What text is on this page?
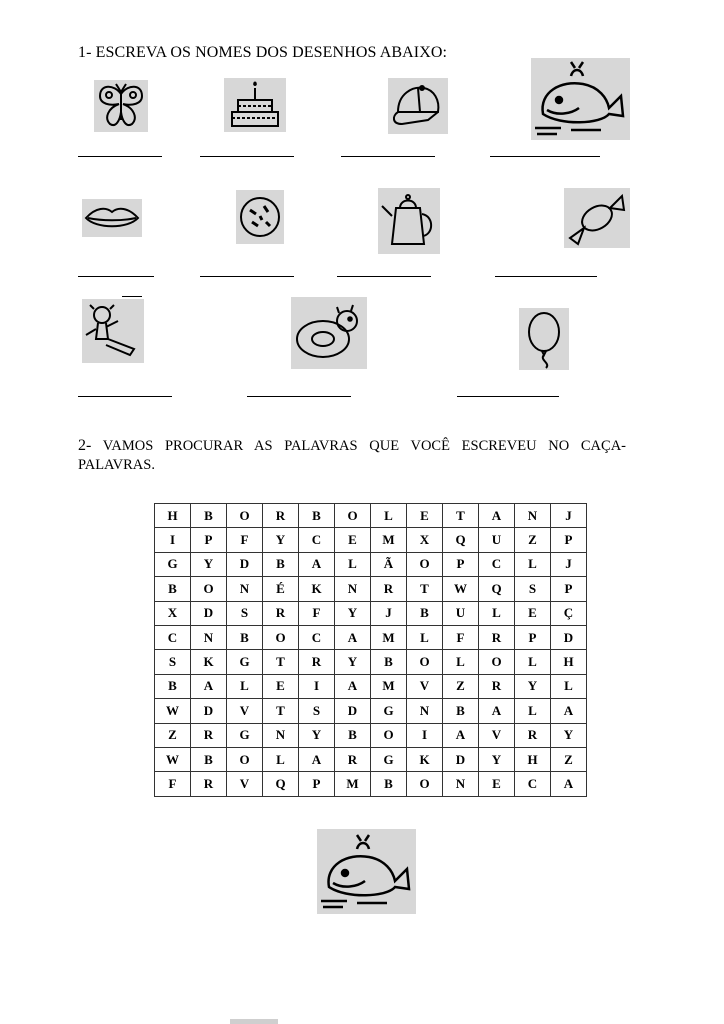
1- ESCREVA OS NOMES DOS DESENHOS ABAIXO:
2- VAMOS PROCURAR AS PALAVRAS QUE VOCÊ ESCREVEU NO CAÇA-PALAVRAS.
H	B	O	R	B	O	L	E	T	A	N	J
I	P	F	Y	C	E	M	X	Q	U	Z	P
G	Y	D	B	A	L	Ã	O	P	C	L	J
B	O	N	É	K	N	R	T	W	Q	S	P
X	D	S	R	F	Y	J	B	U	L	E	Ç
C	N	B	O	C	A	M	L	F	R	P	D
S	K	G	T	R	Y	B	O	L	O	L	H
B	A	L	E	I	A	M	V	Z	R	Y	L
W	D	V	T	S	D	G	N	B	A	L	A
Z	R	G	N	Y	B	O	I	A	V	R	Y
W	B	O	L	A	R	G	K	D	Y	H	Z
F	R	V	Q	P	M	B	O	N	E	C	A
